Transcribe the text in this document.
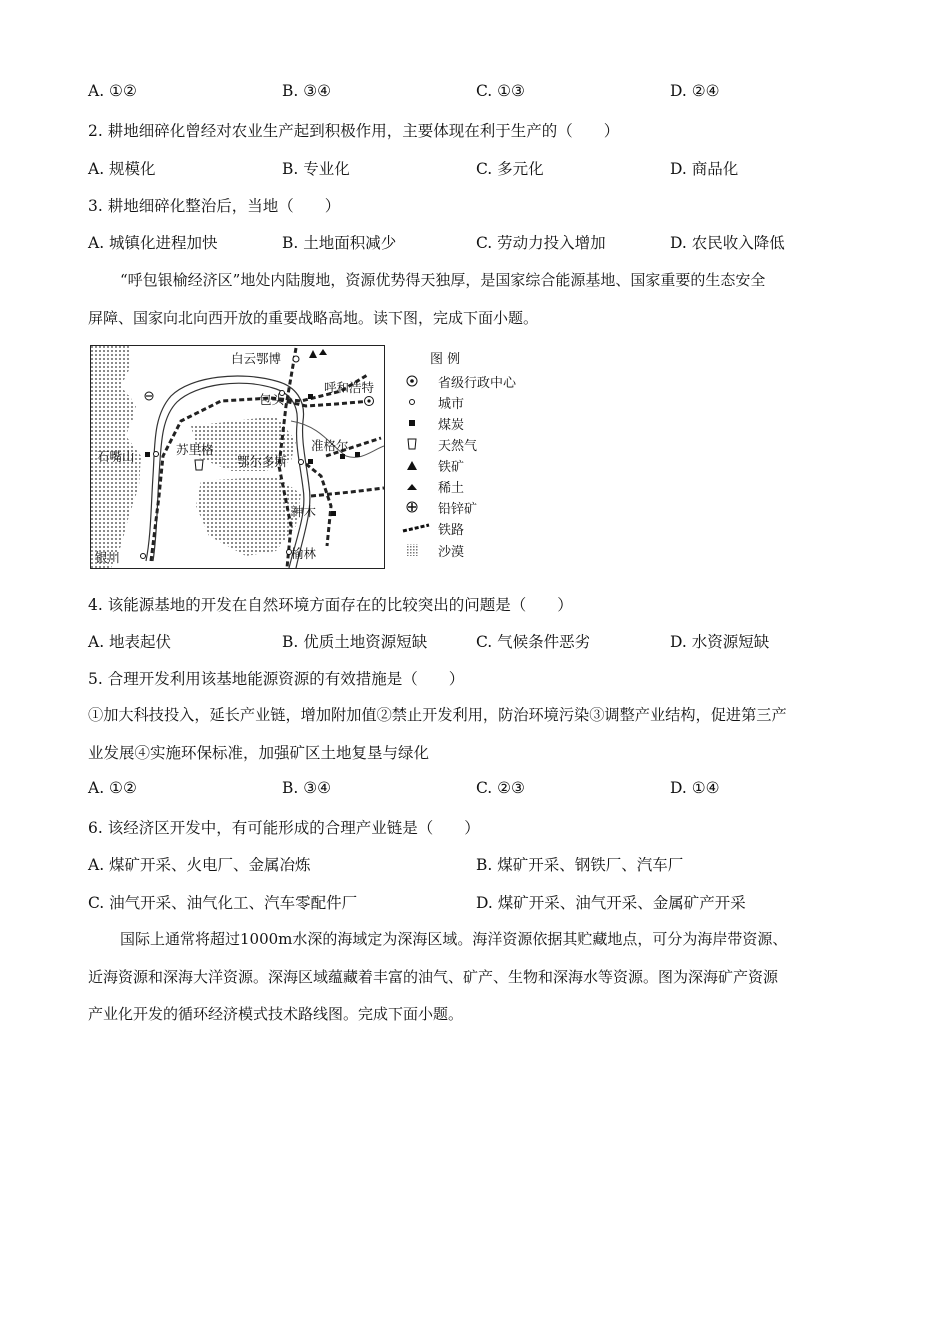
A. ①②	B. ③④	C. ①③	D. ②④
2. 耕地细碎化曾经对农业生产起到积极作用，主要体现在利于生产的（　　）
A. 规模化	B. 专业化	C. 多元化	D. 商品化
3. 耕地细碎化整治后，当地（　　）
A. 城镇化进程加快	B. 土地面积减少	C. 劳动力投入增加	D. 农民收入降低
“呼包银榆经济区”地处内陆腹地，资源优势得天独厚，是国家综合能源基地、国家重要的生态安全
屏障、国家向北向西开放的重要战略高地。读下图，完成下面小题。
白云鄂博
呼和浩特
包头
石嘴山	苏里格
鄂尔多斯
准格尔
神木
银川	榆林
图 例
省级行政中心
城市
煤炭
天然气
铁矿
稀土
铅锌矿
铁路
沙漠
4. 该能源基地的开发在自然环境方面存在的比较突出的问题是（　　）
A. 地表起伏	B. 优质土地资源短缺	C. 气候条件恶劣	D. 水资源短缺
5. 合理开发利用该基地能源资源的有效措施是（　　）
①加大科技投入，延长产业链，增加附加值②禁止开发利用，防治环境污染③调整产业结构，促进第三产
业发展④实施环保标准，加强矿区土地复垦与绿化
A. ①②	B. ③④	C. ②③	D. ①④
6. 该经济区开发中，有可能形成的合理产业链是（　　）
A. 煤矿开采、火电厂、金属冶炼	B. 煤矿开采、钢铁厂、汽车厂
C. 油气开采、油气化工、汽车零配件厂	D. 煤矿开采、油气开采、金属矿产开采
国际上通常将超过1000m水深的海域定为深海区域。海洋资源依据其贮藏地点，可分为海岸带资源、
近海资源和深海大洋资源。深海区域蕴藏着丰富的油气、矿产、生物和深海水等资源。图为深海矿产资源
产业化开发的循环经济模式技术路线图。完成下面小题。
